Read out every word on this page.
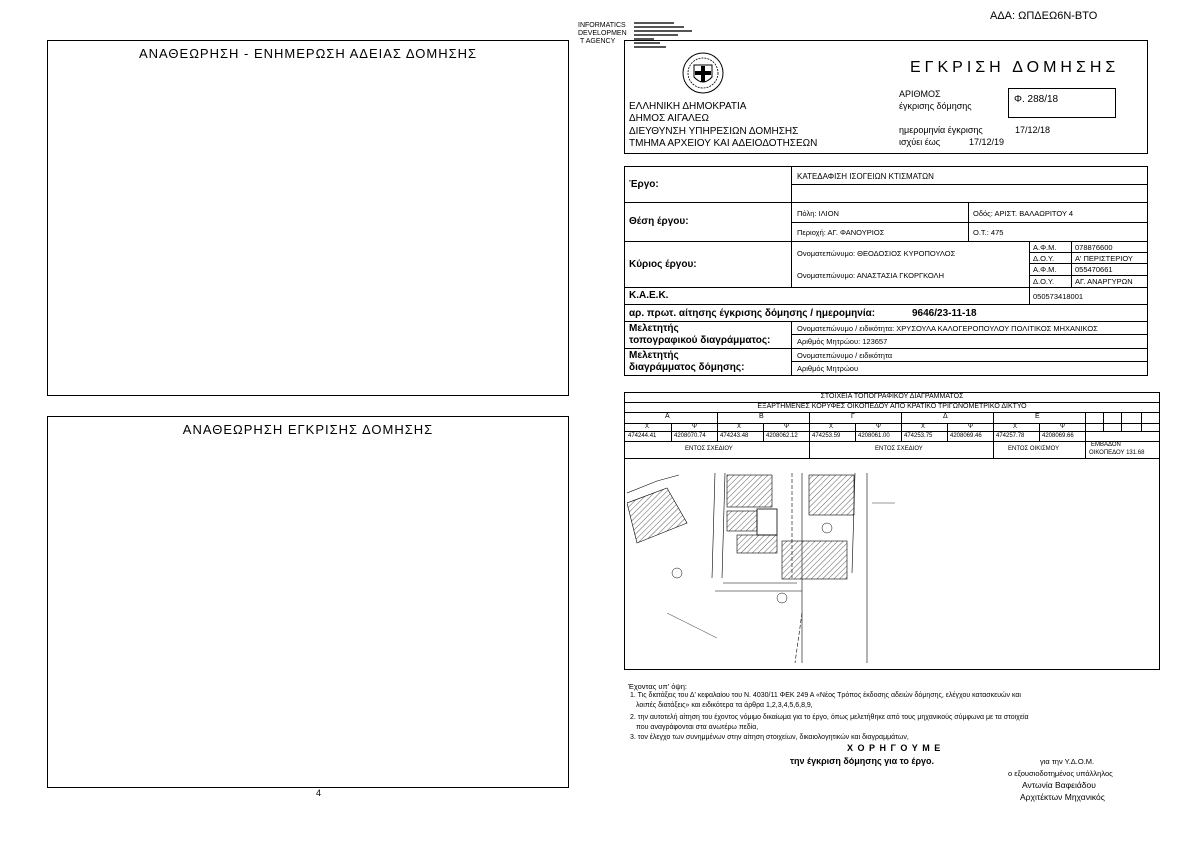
ΑΔΑ: ΩΠΔΕΩ6Ν-ΒΤΟ
ΑΝΑΘΕΩΡΗΣΗ - ΕΝΗΜΕΡΩΣΗ ΑΔΕΙΑΣ ΔΟΜΗΣΗΣ
ΑΝΑΘΕΩΡΗΣΗ ΕΓΚΡΙΣΗΣ ΔΟΜΗΣΗΣ
4
INFORMATICS
DEVELOPMEN
T AGENCY
ΕΛΛΗΝΙΚΗ ΔΗΜΟΚΡΑΤΙΑ
ΔΗΜΟΣ ΑΙΓΑΛΕΩ
ΔΙΕΥΘΥΝΣΗ ΥΠΗΡΕΣΙΩΝ ΔΟΜΗΣΗΣ
ΤΜΗΜΑ ΑΡΧΕΙΟΥ ΚΑΙ ΑΔΕΙΟΔΟΤΗΣΕΩΝ
ΕΓΚΡΙΣΗ ΔΟΜΗΣΗΣ
ΑΡΙΘΜΟΣ
έγκρισης δόμησης
Φ. 288/18
ημερομηνία έγκρισης	17/12/18
ισχύει έως	17/12/19
Έργο:
ΚΑΤΕΔΑΦΙΣΗ ΙΣΟΓΕΙΩΝ ΚΤΙΣΜΑΤΩΝ
Θέση έργου:
Πόλη: ΙΛΙΟΝ	Οδός: ΑΡΙΣΤ. ΒΑΛΑΩΡΙΤΟΥ 4
Περιοχή: ΑΓ. ΦΑΝΟΥΡΙΟΣ	Ο.Τ.: 475
Κύριος έργου:
Ονοματεπώνυμο: ΘΕΟΔΟΣΙΟΣ ΚΥΡΟΠΟΥΛΟΣ
Ονοματεπώνυμο: ΑΝΑΣΤΑΣΙΑ ΓΚΟΡΓΚΟΛΗ
Α.Φ.Μ. 078876600
Δ.Ο.Υ.	Α' ΠΕΡΙΣΤΕΡΙΟΥ
Α.Φ.Μ. 055470661
Δ.Ο.Υ.	ΑΓ. ΑΝΑΡΓΥΡΩΝ
Κ.Α.Ε.Κ.	050573418001
αρ. πρωτ. αίτησης έγκρισης δόμησης / ημερομηνία:	9646/23-11-18
Μελετητής
τοπογραφικού διαγράμματος:
Ονοματεπώνυμο / ειδικότητα: ΧΡΥΣΟΥΛΑ ΚΑΛΟΓΕΡΟΠΟΥΛΟΥ ΠΟΛΙΤΙΚΟΣ ΜΗΧΑΝΙΚΟΣ
Αριθμός Μητρώου: 123657
Μελετητής
διαγράμματος δόμησης:
Ονοματεπώνυμο / ειδικότητα
Αριθμός Μητρώου
ΣΤΟΙΧΕΙΑ ΤΟΠΟΓΡΑΦΙΚΟΥ ΔΙΑΓΡΑΜΜΑΤΟΣ
ΕΞΑΡΤΗΜΕΝΕΣ ΚΟΡΥΦΕΣ ΟΙΚΟΠΕΔΟΥ ΑΠΟ ΚΡΑΤΙΚΟ ΤΡΙΓΩΝΟΜΕΤΡΙΚΟ ΔΙΚΤΥΟ
Α	Β	Γ	Δ	Ε
Χ	Ψ	Χ	Ψ	Χ	Ψ	Χ	Ψ	Χ	Ψ
474244.41	4208070.74 474243.48	4208062.12 474253.59	4208061.00 474253.75	4208069.46 474257.78	4208069.66
ΕΝΤΟΣ ΣΧΕΔΙΟΥ	ΕΝΤΟΣ ΣΧΕΔΙΟΥ	ΕΝΤΟΣ ΟΙΚΙΣΜΟΥ
ΕΜΒΑΔΟΝ
ΟΙΚΟΠΕΔΟΥ 131.68
Έχοντας υπ' όψη:
1. Τις διατάξεις του Δ' κεφαλαίου του Ν. 4030/11 ΦΕΚ 249 Α «Νέος Τρόπος έκδοσης αδειών δόμησης, ελέγχου κατασκευών και
λοιπές διατάξεις» και ειδικότερα τα άρθρα 1,2,3,4,5,6,8,9,
2. την αυτοτελή αίτηση του έχοντος νόμιμο δικαίωμα για το έργο, όπως μελετήθηκε από τους μηχανικούς σύμφωνα με τα στοιχεία
που αναγράφονται στα ανωτέρω πεδία,
3. τον έλεγχο των συνημμένων στην αίτηση στοιχείων, δικαιολογητικών και διαγραμμάτων,
Χ Ο Ρ Η Γ Ο Υ Μ Ε
την έγκριση δόμησης για το έργο.	για την Υ.Δ.Ο.Μ.
ο εξουσιοδοτημένος υπάλληλος
Αντωνία Βαφειάδου
Αρχιτέκτων Μηχανικός
